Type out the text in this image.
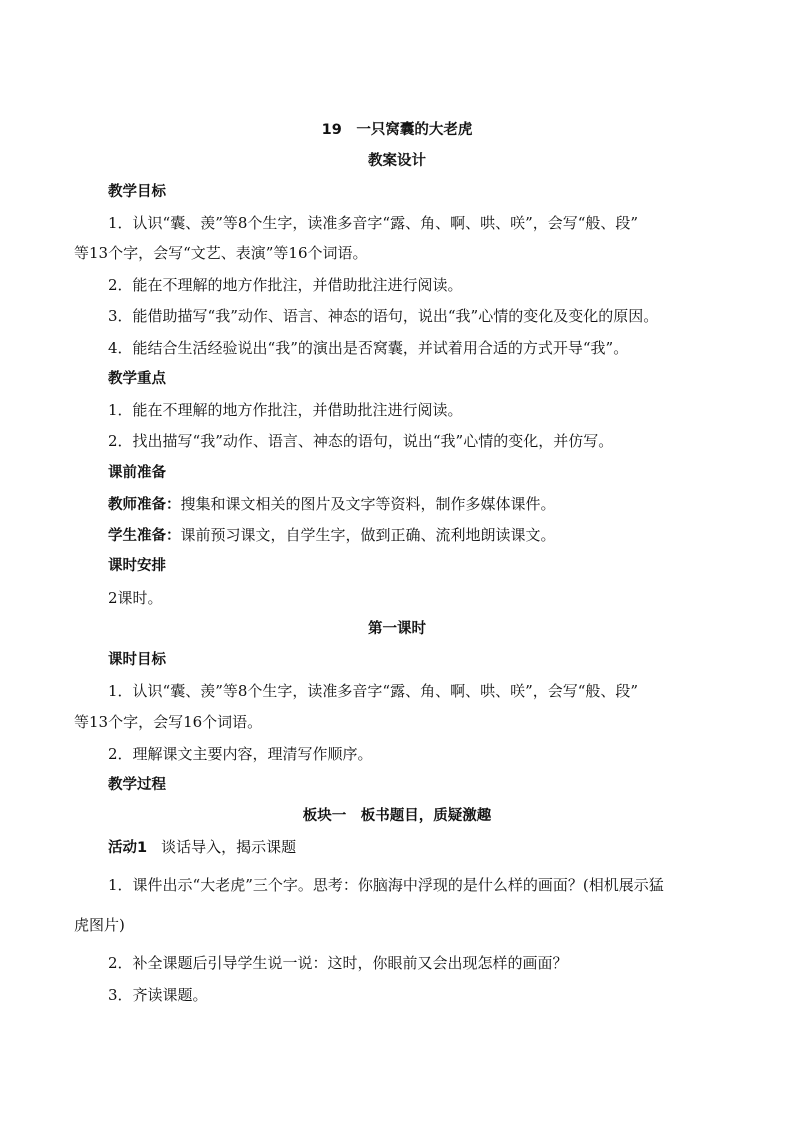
19　一只窝囊的大老虎
教案设计
教学目标
1．认识“囊、羡”等8个生字，读准多音字“露、角、啊、哄、咲”，会写“般、段”
等13个字，会写“文艺、表演”等16个词语。
2．能在不理解的地方作批注，并借助批注进行阅读。
3．能借助描写“我”动作、语言、神态的语句，说出“我”心情的变化及变化的原因。
4．能结合生活经验说出“我”的演出是否窝囊，并试着用合适的方式开导“我”。
教学重点
1．能在不理解的地方作批注，并借助批注进行阅读。
2．找出描写“我”动作、语言、神态的语句，说出“我”心情的变化，并仿写。
课前准备
教师准备：搜集和课文相关的图片及文字等资料，制作多媒体课件。
学生准备：课前预习课文，自学生字，做到正确、流利地朗读课文。
课时安排
2课时。
第一课时
课时目标
1．认识“囊、羡”等8个生字，读准多音字“露、角、啊、哄、咲”，会写“般、段”
等13个字，会写16个词语。
2．理解课文主要内容，理清写作顺序。
教学过程
板块一　板书题目，质疑激趣
活动1 谈话导入，揭示课题
1．课件出示“大老虎”三个字。思考：你脑海中浮现的是什么样的画面？(相机展示猛
虎图片)
2．补全课题后引导学生说一说：这时，你眼前又会出现怎样的画面？
3．齐读课题。
